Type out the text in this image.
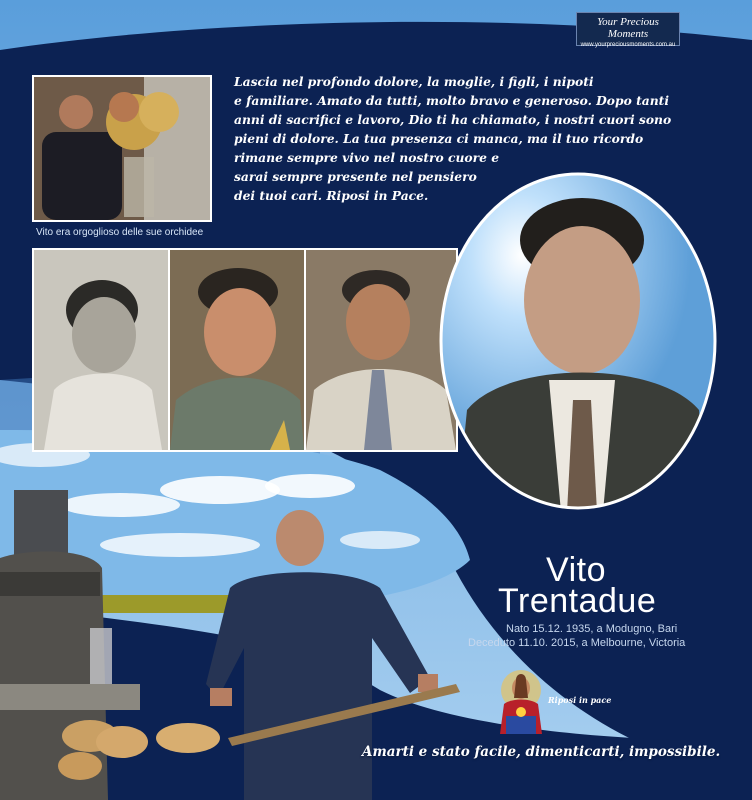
Your Precious Moments
www.yourpreciousmoments.com.au
Vito era orgoglioso delle sue orchidee
Lascia nel profondo dolore, la moglie, i figli, i nipoti
e familiare. Amato da tutti, molto bravo e generoso. Dopo tanti
anni di sacrifici e lavoro, Dio ti ha chiamato, i nostri cuori sono
pieni di dolore. La tua presenza ci manca, ma il tuo ricordo
rimane sempre vivo nel nostro cuore e
sarai sempre presente nel pensiero
dei tuoi cari. Riposi in Pace.
Vito
Trentadue
Nato 15.12. 1935, a Modugno, Bari
Deceduto 11.10. 2015, a Melbourne, Victoria
Riposi in pace
Amarti e stato facile, dimenticarti, impossibile.
